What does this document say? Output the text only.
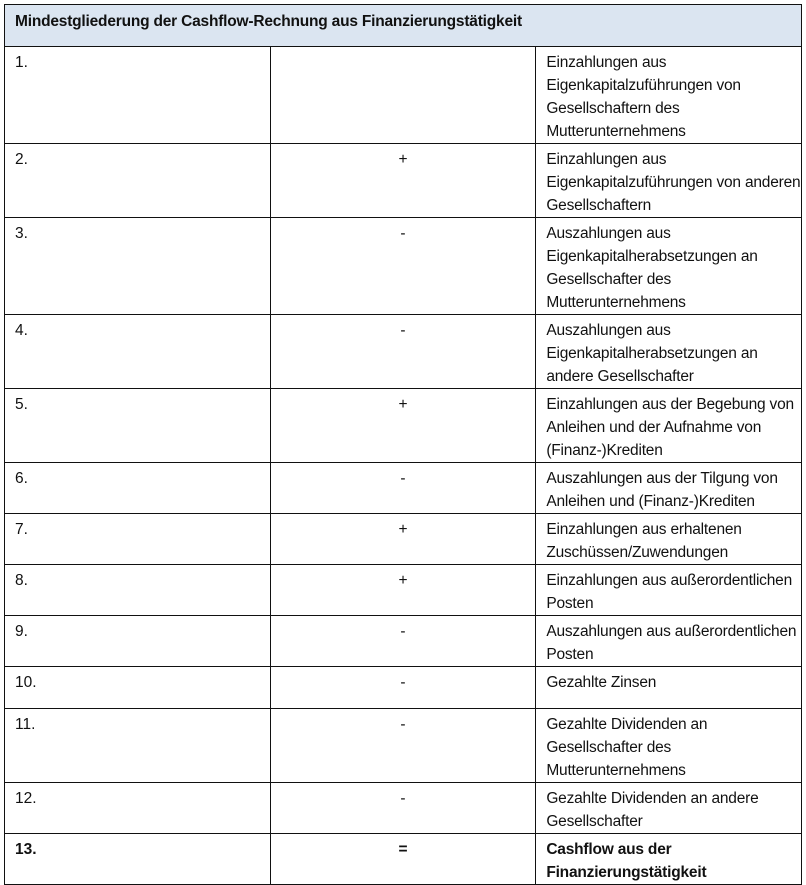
Mindestgliederung der Cashflow-Rechnung aus Finanzierungstätigkeit		
1.		Einzahlungen aus Eigenkapitalzuführungen von Gesellschaftern des Mutterunternehmens
2.	+	Einzahlungen aus Eigenkapitalzuführungen von anderen Gesellschaftern
3.	-	Auszahlungen aus Eigenkapitalherabsetzungen an Gesellschafter des Mutterunternehmens
4.	-	Auszahlungen aus Eigenkapitalherabsetzungen an andere Gesellschafter
5.	+	Einzahlungen aus der Begebung von Anleihen und der Aufnahme von (Finanz-)Krediten
6.	-	Auszahlungen aus der Tilgung von Anleihen und (Finanz-)Krediten
7.	+	Einzahlungen aus erhaltenen Zuschüssen/Zuwendungen
8.	+	Einzahlungen aus außerordentlichen Posten
9.	-	Auszahlungen aus außerordentlichen Posten
10.	-	Gezahlte Zinsen
11.	-	Gezahlte Dividenden an Gesellschafter des Mutterunternehmens
12.	-	Gezahlte Dividenden an andere Gesellschafter
13.	=	Cashflow aus der Finanzierungstätigkeit
